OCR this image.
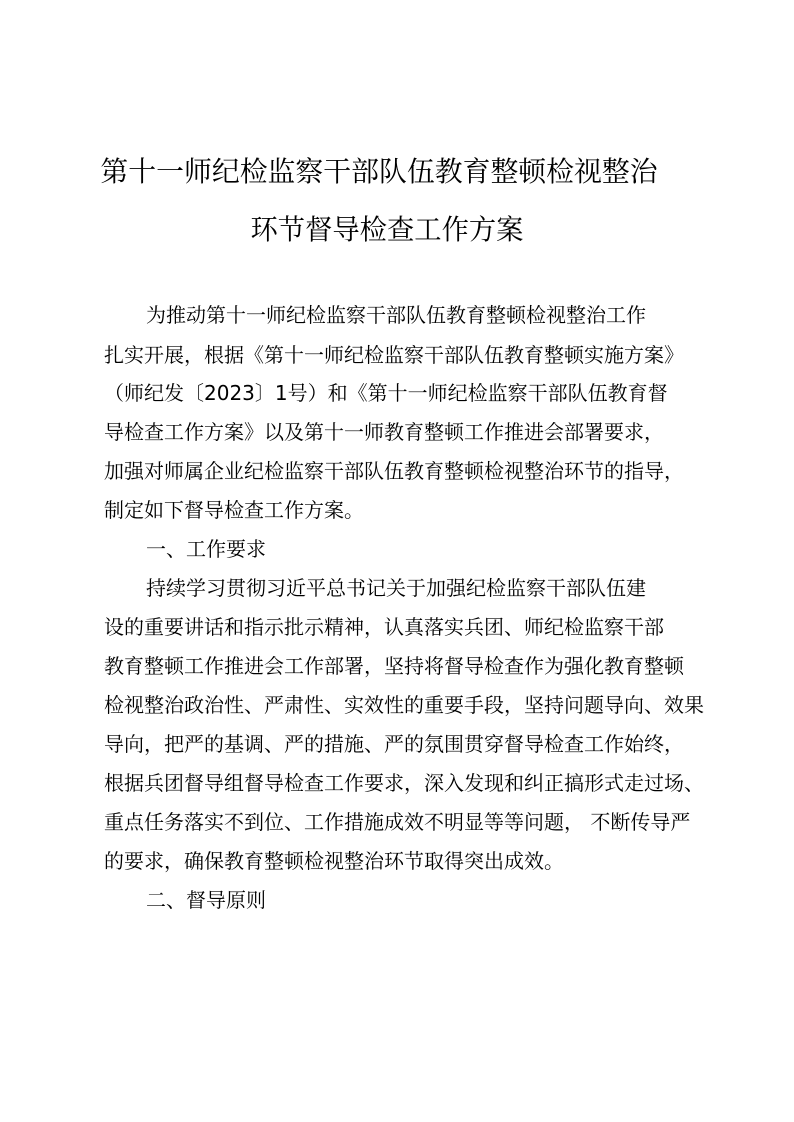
第十一师纪检监察干部队伍教育整顿检视整治
环节督导检查工作方案
为推动第十一师纪检监察干部队伍教育整顿检视整治工作
扎实开展，根据《第十一师纪检监察干部队伍教育整顿实施方案》
（师纪发〔2023〕1号）和《第十一师纪检监察干部队伍教育督
导检查工作方案》以及第十一师教育整顿工作推进会部署要求，
加强对师属企业纪检监察干部队伍教育整顿检视整治环节的指导，
制定如下督导检查工作方案。
一、工作要求
持续学习贯彻习近平总书记关于加强纪检监察干部队伍建
设的重要讲话和指示批示精神，认真落实兵团、师纪检监察干部
教育整顿工作推进会工作部署，坚持将督导检查作为强化教育整顿
检视整治政治性、严肃性、实效性的重要手段，坚持问题导向、效果
导向，把严的基调、严的措施、严的氛围贯穿督导检查工作始终，
根据兵团督导组督导检查工作要求，深入发现和纠正搞形式走过场、
重点任务落实不到位、工作措施成效不明显等等问题， 不断传导严
的要求，确保教育整顿检视整治环节取得突出成效。
二、督导原则
